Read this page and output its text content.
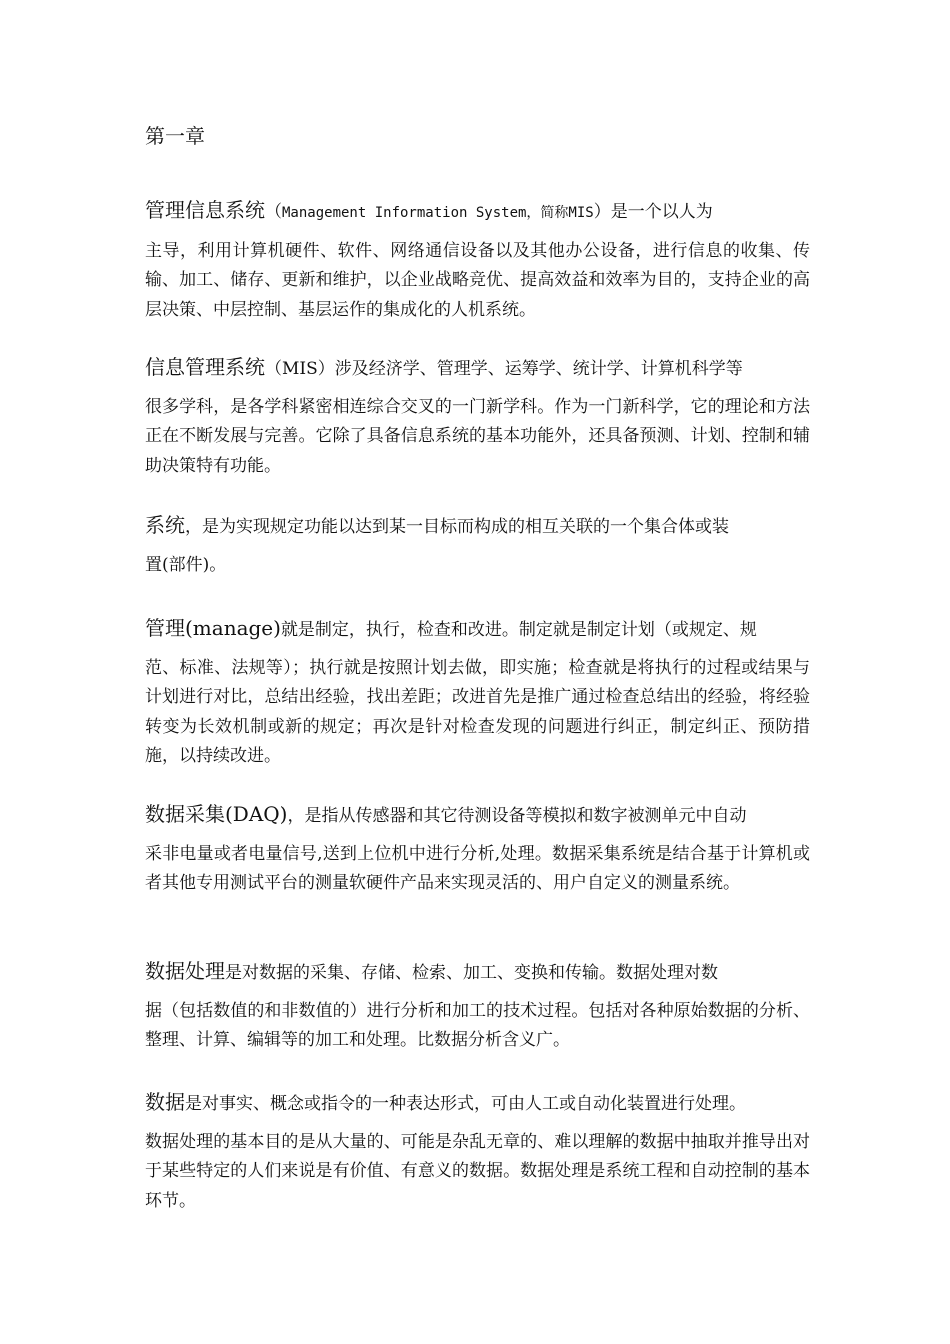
第一章
管理信息系统（Management Information System，简称MIS）是一个以人为
主导，利用计算机硬件、软件、网络通信设备以及其他办公设备，进行信息的收集、传输、加工、储存、更新和维护，以企业战略竞优、提高效益和效率为目的，支持企业的高层决策、中层控制、基层运作的集成化的人机系统。
信息管理系统（MIS）涉及经济学、管理学、运筹学、统计学、计算机科学等
很多学科，是各学科紧密相连综合交叉的一门新学科。作为一门新科学，它的理论和方法正在不断发展与完善。它除了具备信息系统的基本功能外，还具备预测、计划、控制和辅助决策特有功能。
系统，是为实现规定功能以达到某一目标而构成的相互关联的一个集合体或装
置(部件)。
管理(manage)就是制定，执行，检查和改进。制定就是制定计划（或规定、规
范、标准、法规等）；执行就是按照计划去做，即实施；检查就是将执行的过程或结果与计划进行对比，总结出经验，找出差距；改进首先是推广通过检查总结出的经验，将经验转变为长效机制或新的规定；再次是针对检查发现的问题进行纠正，制定纠正、预防措施，以持续改进。
数据采集(DAQ)，是指从传感器和其它待测设备等模拟和数字被测单元中自动
采非电量或者电量信号,送到上位机中进行分析,处理。数据采集系统是结合基于计算机或者其他专用测试平台的测量软硬件产品来实现灵活的、用户自定义的测量系统。
数据处理是对数据的采集、存储、检索、加工、变换和传输。数据处理对数
据（包括数值的和非数值的）进行分析和加工的技术过程。包括对各种原始数据的分析、整理、计算、编辑等的加工和处理。比数据分析含义广。
数据是对事实、概念或指令的一种表达形式，可由人工或自动化装置进行处理。
数据处理的基本目的是从大量的、可能是杂乱无章的、难以理解的数据中抽取并推导出对于某些特定的人们来说是有价值、有意义的数据。数据处理是系统工程和自动控制的基本环节。
